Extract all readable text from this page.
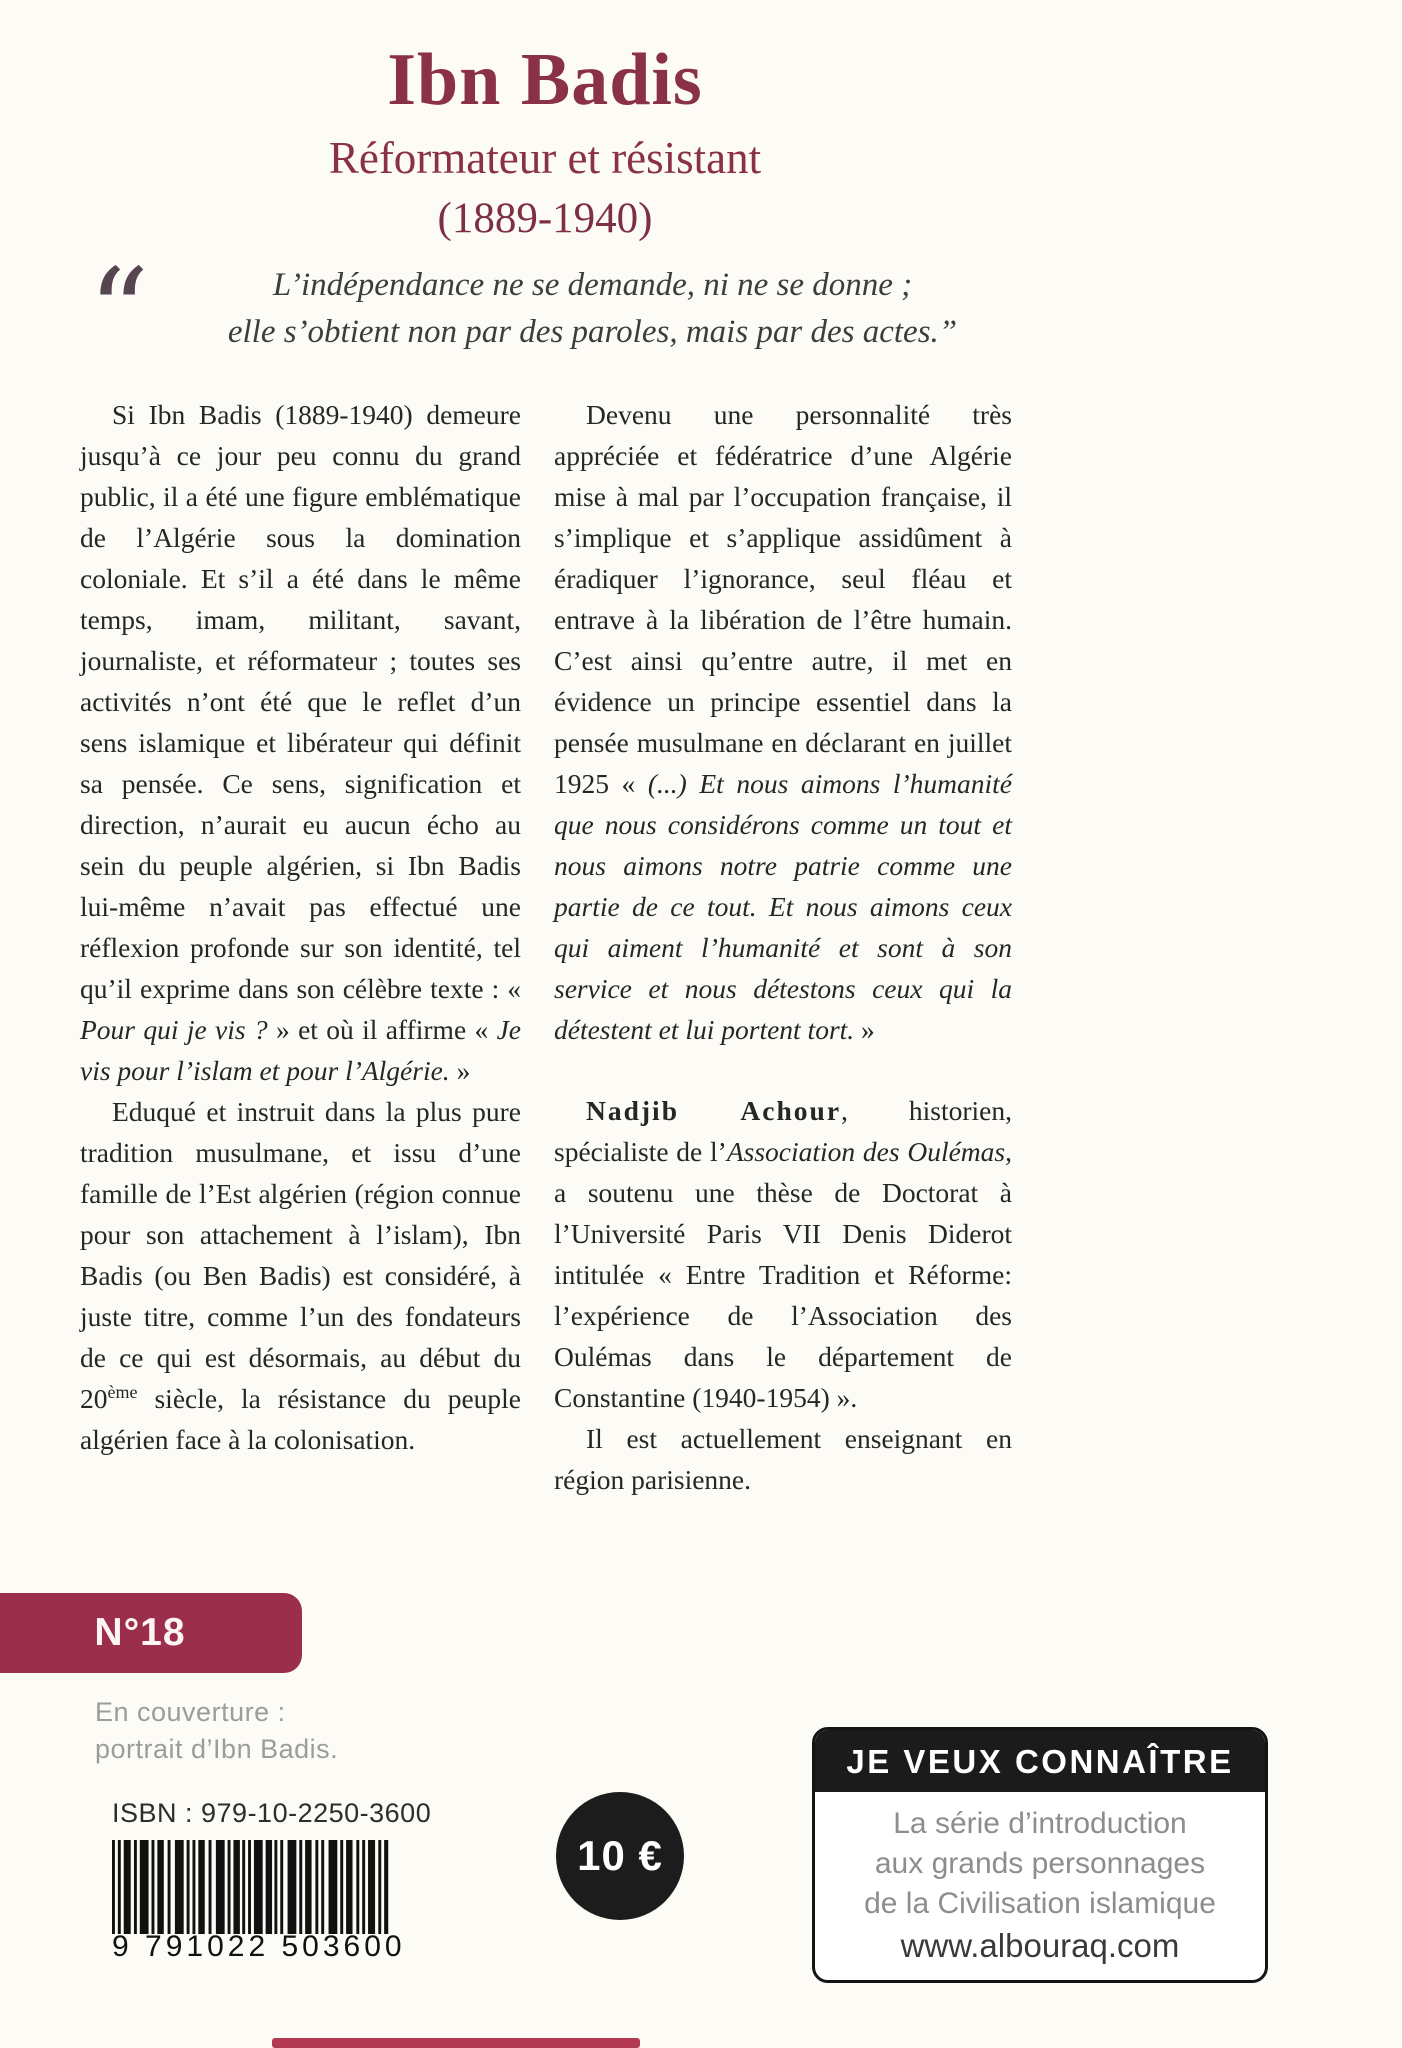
Ibn Badis
Réformateur et résistant
(1889-1940)
“	L’indépendance ne se demande, ni ne se donne ;
elle s’obtient non par des paroles, mais par des actes.”

Si Ibn Badis (1889-1940) demeure jusqu’à ce jour peu connu du grand public, il a été une figure emblématique de l’Algérie sous la domination coloniale. Et s’il a été dans le même temps, imam, militant, savant, journaliste, et réformateur ; toutes ses activités n’ont été que le reflet d’un sens islamique et libérateur qui définit sa pensée. Ce sens, signification et direction, n’aurait eu aucun écho au sein du peuple algérien, si Ibn Badis lui-même n’avait pas effectué une réflexion profonde sur son identité, tel qu’il exprime dans son célèbre texte : « Pour qui je vis ? » et où il affirme « Je vis pour l’islam et pour l’Algérie. »

Eduqué et instruit dans la plus pure tradition musulmane, et issu d’une famille de l’Est algérien (région connue pour son attachement à l’islam), Ibn Badis (ou Ben Badis) est considéré, à juste titre, comme l’un des fondateurs de ce qui est désormais, au début du 20ème siècle, la résistance du peuple algérien face à la colonisation.

Devenu une personnalité très appréciée et fédératrice d’une Algérie mise à mal par l’occupation française, il s’implique et s’applique assidûment à éradiquer l’ignorance, seul fléau et entrave à la libération de l’être humain. C’est ainsi qu’entre autre, il met en évidence un principe essentiel dans la pensée musulmane en déclarant en juillet 1925 « (...) Et nous aimons l’humanité que nous considérons comme un tout et nous aimons notre patrie comme une partie de ce tout. Et nous aimons ceux qui aiment l’humanité et sont à son service et nous détestons ceux qui la détestent et lui portent tort. »

Nadjib Achour, historien, spécialiste de l’Association des Oulémas, a soutenu une thèse de Doctorat à l’Université Paris VII Denis Diderot intitulée « Entre Tradition et Réforme: l’expérience de l’Association des Oulémas dans le département de Constantine (1940-1954) ».

Il est actuellement enseignant en région parisienne.

N°18
En couverture :
portrait d’Ibn Badis.
ISBN : 979-10-2250-3600
9 791022 503600
10 €
JE VEUX CONNAÎTRE
La série d’introduction
aux grands personnages
de la Civilisation islamique
www.albouraq.com
